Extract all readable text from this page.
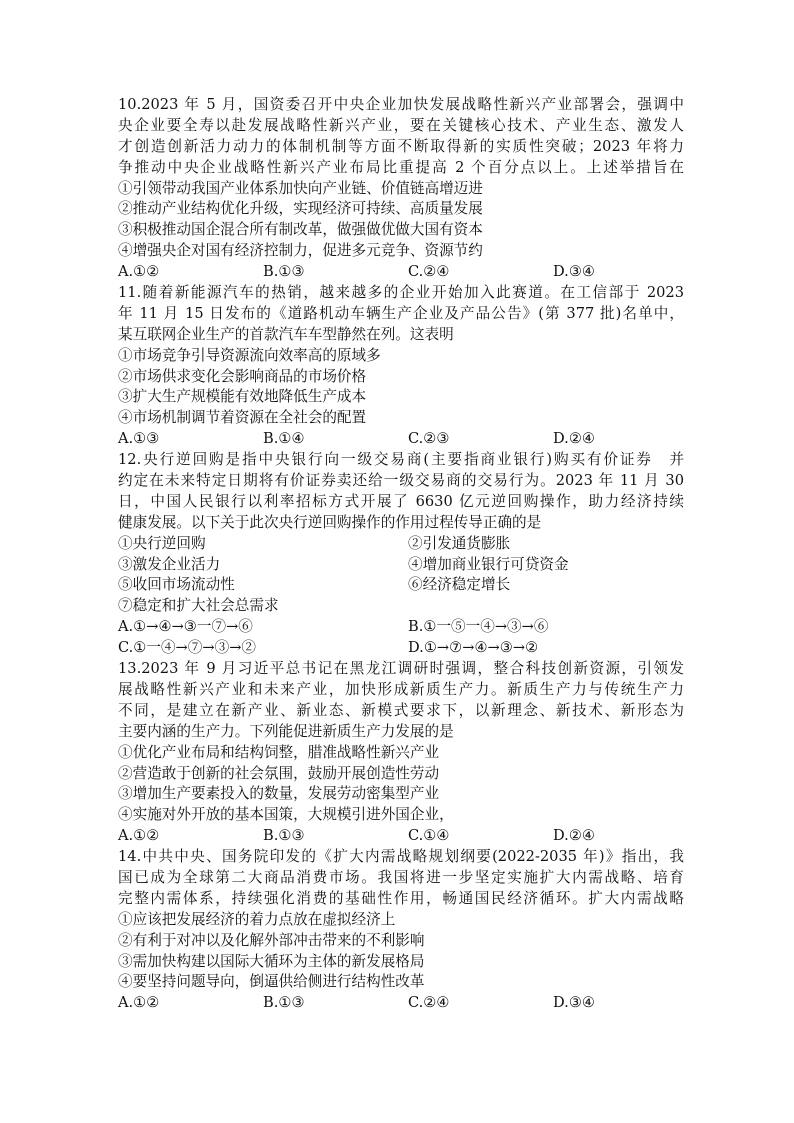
10.2023 年 5 月，国资委召开中央企业加快发展战略性新兴产业部署会，强调中
央企业要全寿以赴发展战略性新兴产业，要在关键核心技术、产业生态、激发人
才创造创新活力动力的体制机制等方面不断取得新的实质性突破；2023 年将力
争推动中央企业战略性新兴产业布局比重提高 2 个百分点以上。上述举措旨在
①引领带动我国产业体系加快向产业链、价值链高增迈进
②推动产业结构优化升级，实现经济可持续、高质量发展
③积极推动国企混合所有制改革，做强做优做大国有资本
④增强央企对国有经济控制力，促进多元竞争、资源节约
A.①②	B.①③	C.②④	D.③④
11.随着新能源汽车的热销，越来越多的企业开始加入此赛道。在工信部于 2023
年 11 月 15 日发布的《道路机动车辆生产企业及产品公告》(第 377 批)名单中，
某互联网企业生产的首款汽车车型静然在列。这表明
①市场竞争引导资源流向效率高的原域多
②市场供求变化会影响商品的市场价格
③扩大生产规模能有效地降低生产成本
④市场机制调节着资源在全社会的配置
A.①③	B.①④	C.②③	D.②④
12.央行逆回购是指中央银行向一级交易商(主要指商业银行)购买有价证券　并
约定在未来特定日期将有价证券卖还给一级交易商的交易行为。2023 年 11 月 30
日，中国人民银行以利率招标方式开展了 6630 亿元逆回购操作，助力经济持续
健康发展。以下关于此次央行逆回购操作的作用过程传导正确的是
①央行逆回购	②引发通货膨胀
③激发企业活力	④增加商业银行可贷资金
⑤收回市场流动性	⑥经济稳定增长
⑦稳定和扩大社会总需求
A.①→④→③一⑦→⑥	B.①一⑤一④→③→⑥
C.①一④→⑦→③→②	D.①→⑦→④→③→②
13.2023 年 9 月习近平总书记在黑龙江调研时强调，整合科技创新资源，引领发
展战略性新兴产业和未来产业，加快形成新质生产力。新质生产力与传统生产力
不同，是建立在新产业、新业态、新模式要求下，以新理念、新技术、新形态为
主要内涵的生产力。下列能促进新质生产力发展的是
①优化产业布局和结构饲整，腊准战略性新兴产业
②营造敢于创新的社会氛围，鼓励开展创造性劳动
③增加生产要素投入的数量，发展劳动密集型产业
④实施对外开放的基本国策，大规模引进外国企业，
A.①②	B.①③	C.①④	D.②④
14.中共中央、国务院印发的《扩大内需战略规划纲要(2022-2035 年)》指出，我
国已成为全球第二大商品消费市场。我国将进一步坚定实施扩大内需战略、培育
完整内需体系，持续强化消费的基础性作用，畅通国民经济循环。扩大内需战略
①应该把发展经济的着力点放在虚拟经济上
②有利于对冲以及化解外部冲击带来的不利影响
③需加快构建以国际大循环为主体的新发展格局
④要坚持问题导向，倒逼供给侧进行结构性改革
A.①②	B.①③	C.②④	D.③④
